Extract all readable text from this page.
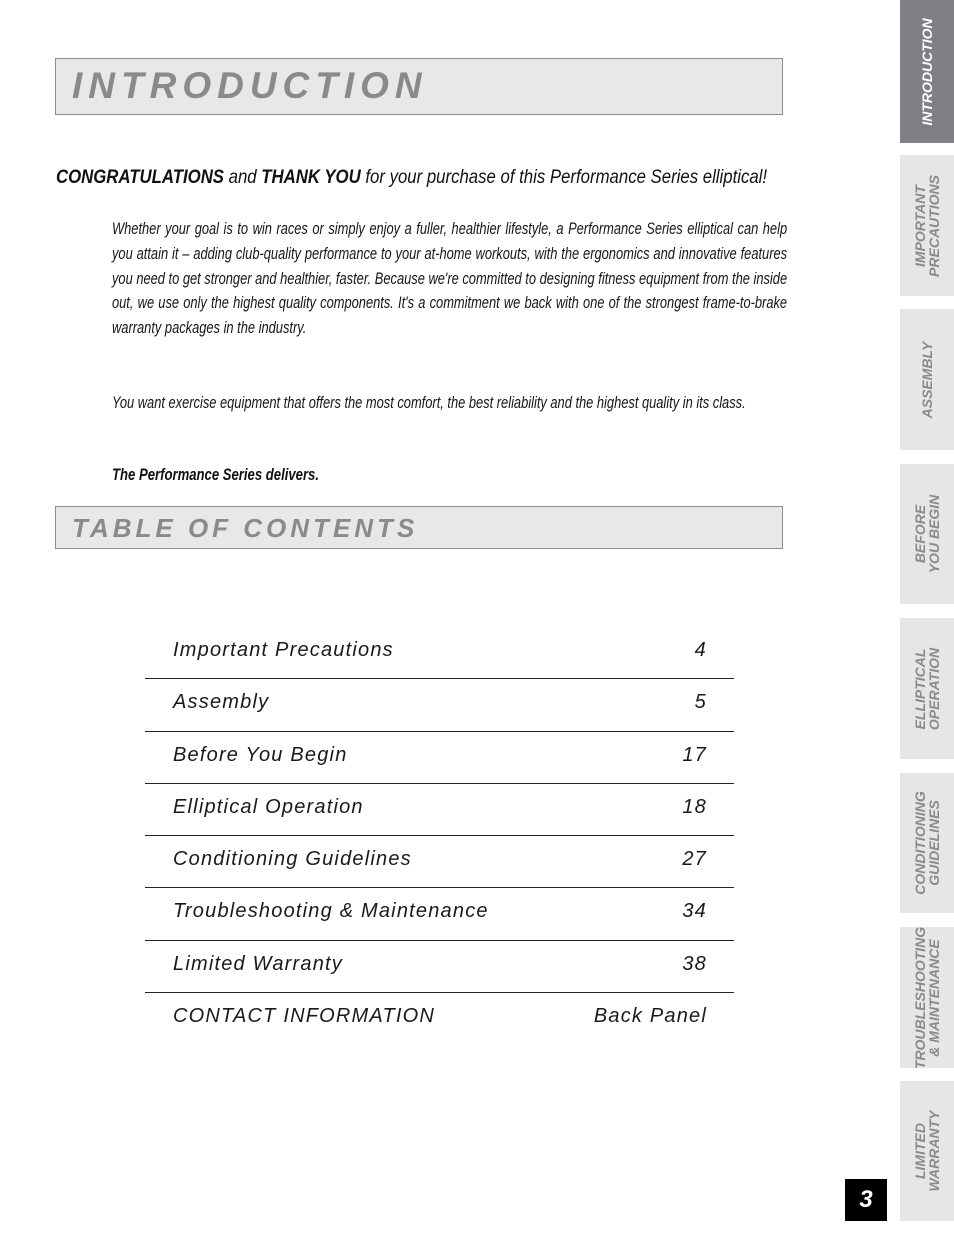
INTRODUCTION
CONGRATULATIONS and THANK YOU for your purchase of this Performance Series elliptical!
Whether your goal is to win races or simply enjoy a fuller, healthier lifestyle, a Performance Series elliptical can help you attain it – adding club-quality performance to your at-home workouts, with the ergonomics and innovative features you need to get stronger and healthier, faster. Because we're committed to designing fitness equipment from the inside out, we use only the highest quality components. It's a commitment we back with one of the strongest frame-to-brake warranty packages in the industry.
You want exercise equipment that offers the most comfort, the best reliability and the highest quality in its class.
The Performance Series delivers.
TABLE OF CONTENTS
Important Precautions	4
Assembly	5
Before You Begin	17
Elliptical Operation	18
Conditioning Guidelines	27
Troubleshooting & Maintenance	34
Limited Warranty	38
CONTACT INFORMATION	Back Panel
INTRODUCTION
IMPORTANT
PRECAUTIONS
ASSEMBLY
BEFORE
YOU BEGIN
ELLIPTICAL
OPERATION
CONDITIONING
GUIDELINES
TROUBLESHOOTING
& MAINTENANCE
LIMITED
WARRANTY
3
